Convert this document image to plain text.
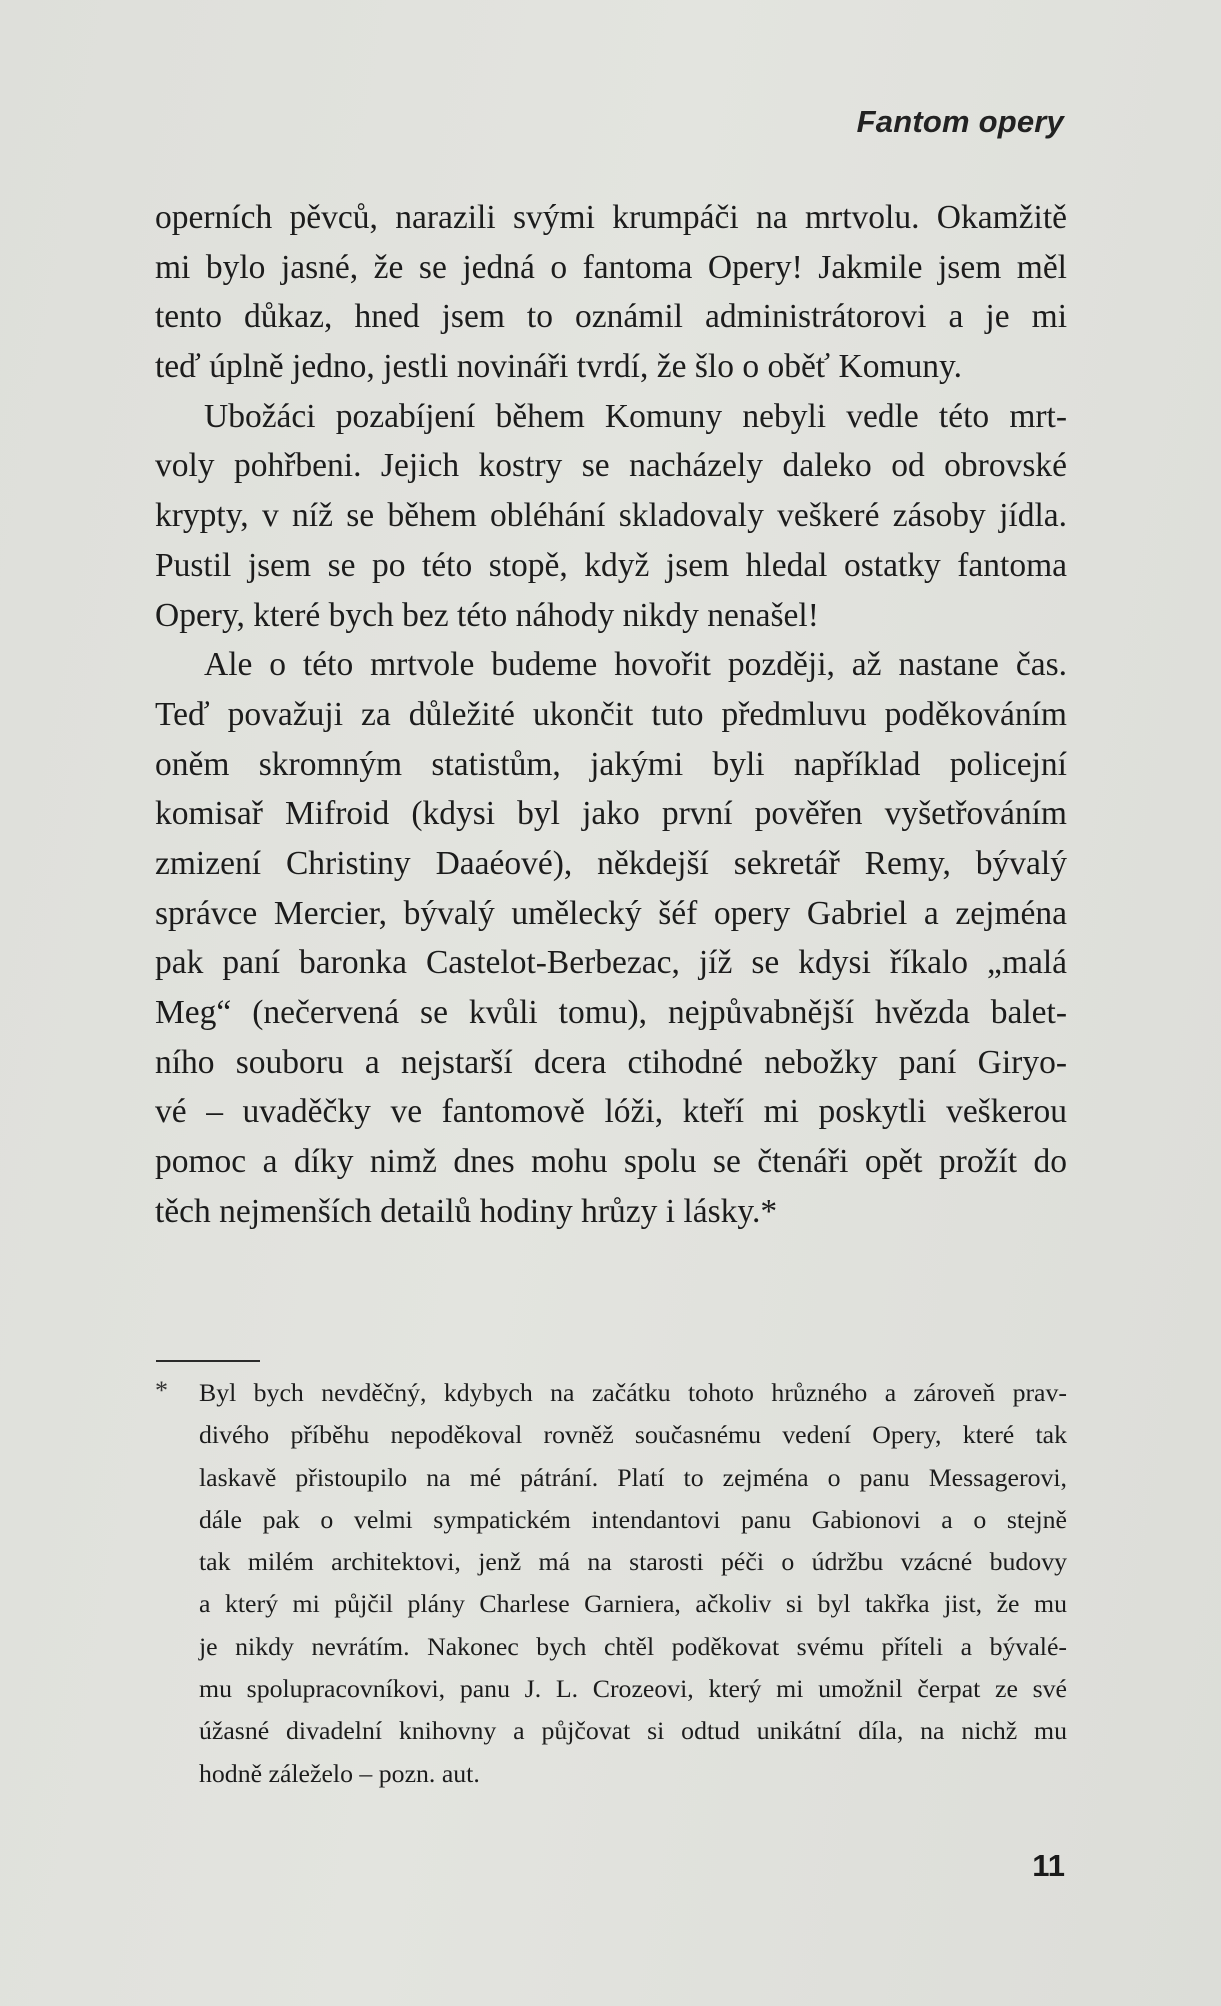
Fantom opery
operních pěvců, narazili svými krumpáči na mrtvolu. Okamžitě
mi bylo jasné, že se jedná o fantoma Opery! Jakmile jsem měl
tento důkaz, hned jsem to oznámil administrátorovi a je mi
teď úplně jedno, jestli novináři tvrdí, že šlo o oběť Komuny.
Ubožáci pozabíjení během Komuny nebyli vedle této mrt-
voly pohřbeni. Jejich kostry se nacházely daleko od obrovské
krypty, v níž se během obléhání skladovaly veškeré zásoby jídla.
Pustil jsem se po této stopě, když jsem hledal ostatky fantoma
Opery, které bych bez této náhody nikdy nenašel!
Ale o této mrtvole budeme hovořit později, až nastane čas.
Teď považuji za důležité ukončit tuto předmluvu poděkováním
oněm skromným statistům, jakými byli například policejní
komisař Mifroid (kdysi byl jako první pověřen vyšetřováním
zmizení Christiny Daaéové), někdejší sekretář Remy, bývalý
správce Mercier, bývalý umělecký šéf opery Gabriel a zejména
pak paní baronka Castelot-Berbezac, jíž se kdysi říkalo „malá
Meg“ (nečervená se kvůli tomu), nejpůvabnější hvězda balet-
ního souboru a nejstarší dcera ctihodné nebožky paní Giryo-
vé – uvaděčky ve fantomově lóži, kteří mi poskytli veškerou
pomoc a díky nimž dnes mohu spolu se čtenáři opět prožít do
těch nejmenších detailů hodiny hrůzy i lásky.*
* Byl bych nevděčný, kdybych na začátku tohoto hrůzného a zároveň prav-
divého příběhu nepoděkoval rovněž současnému vedení Opery, které tak
laskavě přistoupilo na mé pátrání. Platí to zejména o panu Messagerovi,
dále pak o velmi sympatickém intendantovi panu Gabionovi a o stejně
tak milém architektovi, jenž má na starosti péči o údržbu vzácné budovy
a který mi půjčil plány Charlese Garniera, ačkoliv si byl takřka jist, že mu
je nikdy nevrátím. Nakonec bych chtěl poděkovat svému příteli a bývalé-
mu spolupracovníkovi, panu J. L. Crozeovi, který mi umožnil čerpat ze své
úžasné divadelní knihovny a půjčovat si odtud unikátní díla, na nichž mu
hodně záleželo – pozn. aut.
11
